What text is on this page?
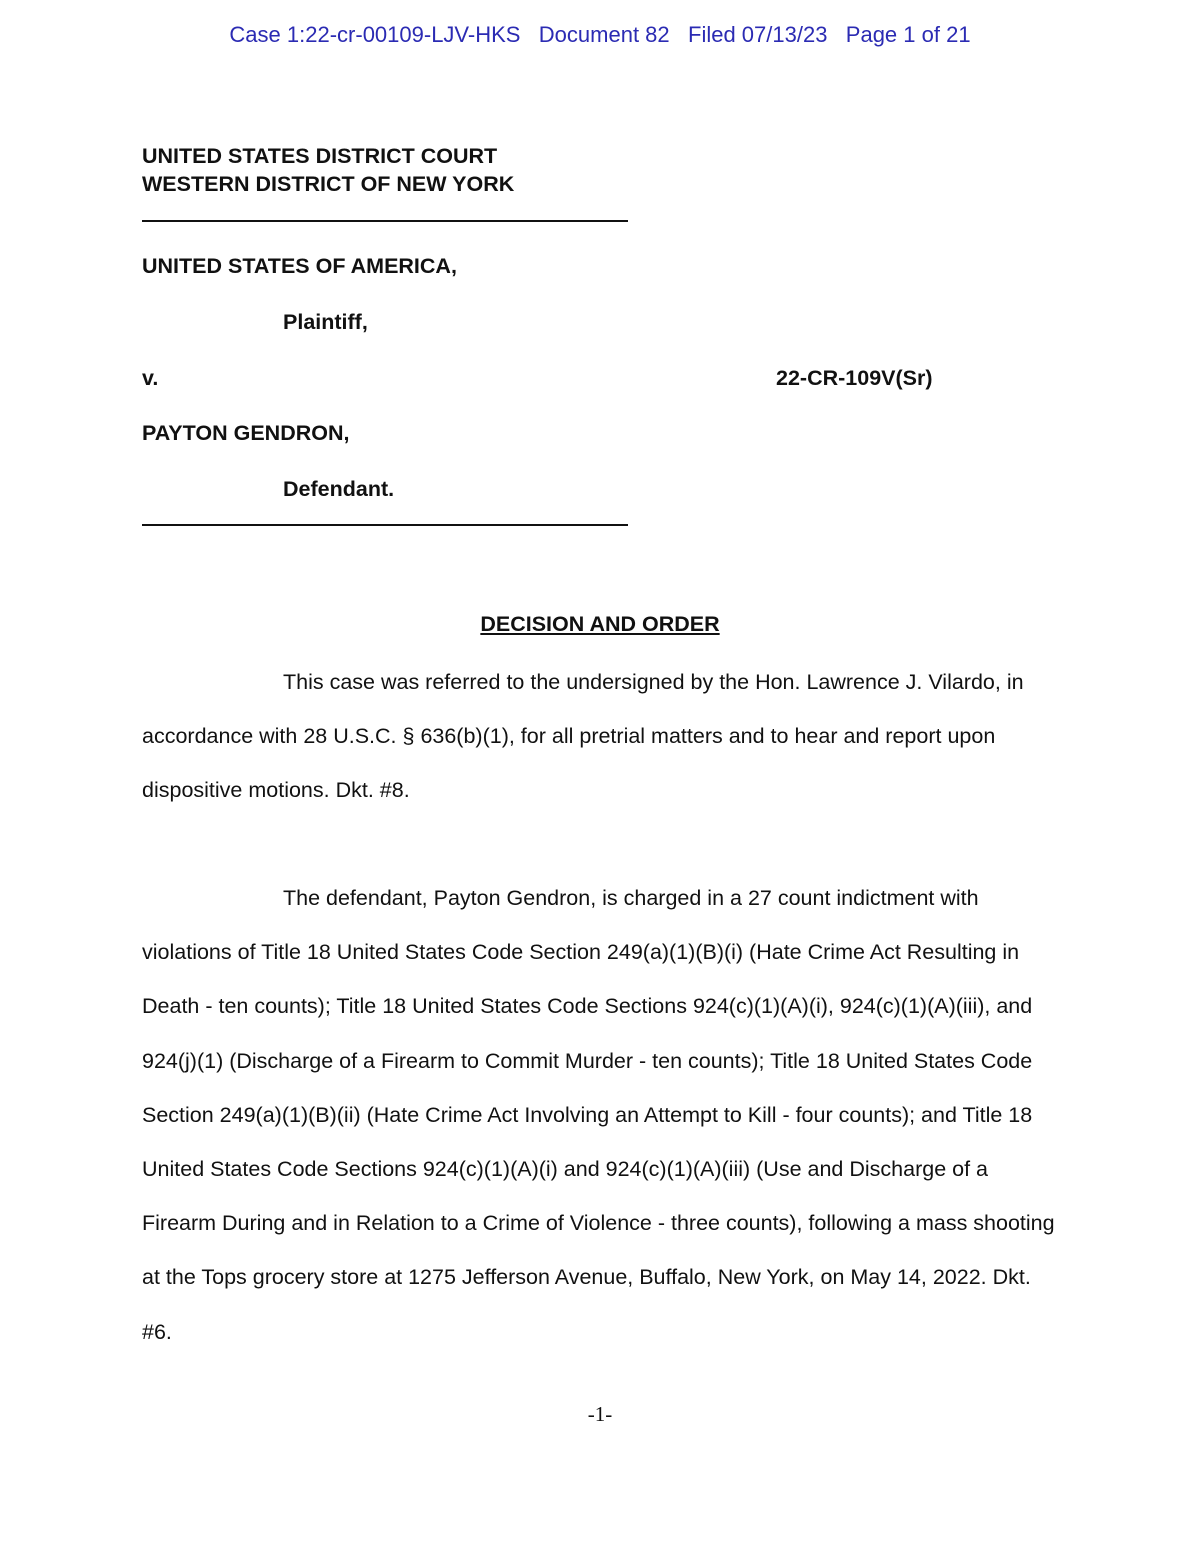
Case 1:22-cr-00109-LJV-HKS Document 82 Filed 07/13/23 Page 1 of 21
UNITED STATES DISTRICT COURT
WESTERN DISTRICT OF NEW YORK
UNITED STATES OF AMERICA,
Plaintiff,
v.	22-CR-109V(Sr)
PAYTON GENDRON,
Defendant.
DECISION AND ORDER

This case was referred to the undersigned by the Hon. Lawrence J. Vilardo, in accordance with 28 U.S.C. § 636(b)(1), for all pretrial matters and to hear and report upon dispositive motions. Dkt. #8.

The defendant, Payton Gendron, is charged in a 27 count indictment with violations of Title 18 United States Code Section 249(a)(1)(B)(i) (Hate Crime Act Resulting in Death - ten counts); Title 18 United States Code Sections 924(c)(1)(A)(i), 924(c)(1)(A)(iii), and 924(j)(1) (Discharge of a Firearm to Commit Murder - ten counts); Title 18 United States Code Section 249(a)(1)(B)(ii) (Hate Crime Act Involving an Attempt to Kill - four counts); and Title 18 United States Code Sections 924(c)(1)(A)(i) and 924(c)(1)(A)(iii) (Use and Discharge of a Firearm During and in Relation to a Crime of Violence - three counts), following a mass shooting at the Tops grocery store at 1275 Jefferson Avenue, Buffalo, New York, on May 14, 2022. Dkt. #6.

-1-
